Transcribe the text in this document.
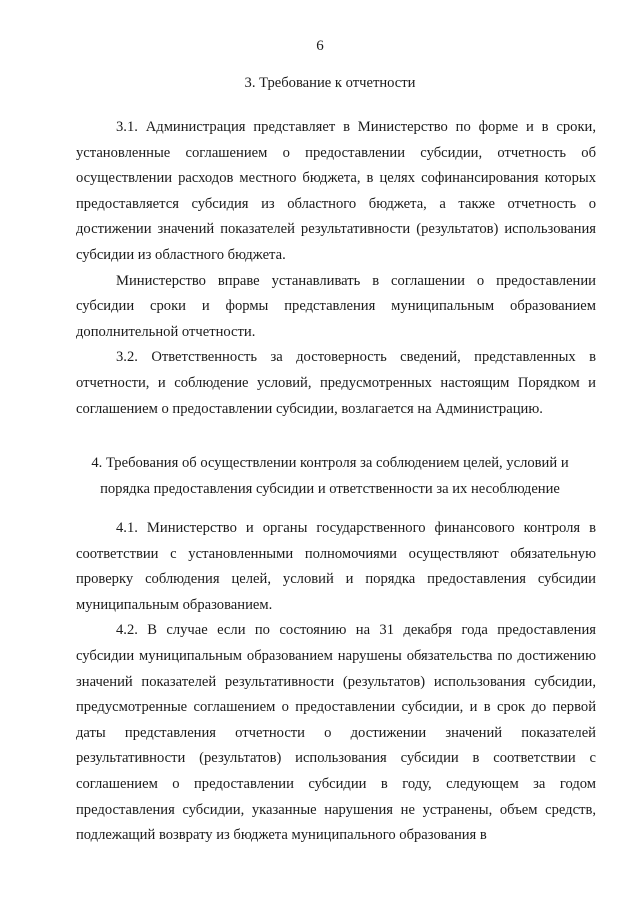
6
3. Требование к отчетности

3.1. Администрация представляет в Министерство по форме и в сроки, установленные соглашением о предоставлении субсидии, отчетность об осуществлении расходов местного бюджета, в целях софинансирования которых предоставляется субсидия из областного бюджета, а также отчетность о достижении значений показателей результативности (результатов) использования субсидии из областного бюджета.

Министерство вправе устанавливать в соглашении о предоставлении субсидии сроки и формы представления муниципальным образованием дополнительной отчетности.

3.2. Ответственность за достоверность сведений, представленных в отчетности, и соблюдение условий, предусмотренных настоящим Порядком и соглашением о предоставлении субсидии, возлагается на Администрацию.

4. Требования об осуществлении контроля за соблюдением целей, условий и
порядка предоставления субсидии и ответственности за их несоблюдение

4.1. Министерство и органы государственного финансового контроля в соответствии с установленными полномочиями осуществляют обязательную проверку соблюдения целей, условий и порядка предоставления субсидии муниципальным образованием.

4.2. В случае если по состоянию на 31 декабря года предоставления субсидии муниципальным образованием нарушены обязательства по достижению значений показателей результативности (результатов) использования субсидии, предусмотренные соглашением о предоставлении субсидии, и в срок до первой даты представления отчетности о достижении значений показателей результативности (результатов) использования субсидии в соответствии с соглашением о предоставлении субсидии в году, следующем за годом предоставления субсидии, указанные нарушения не устранены, объем средств, подлежащий возврату из бюджета муниципального образования в
